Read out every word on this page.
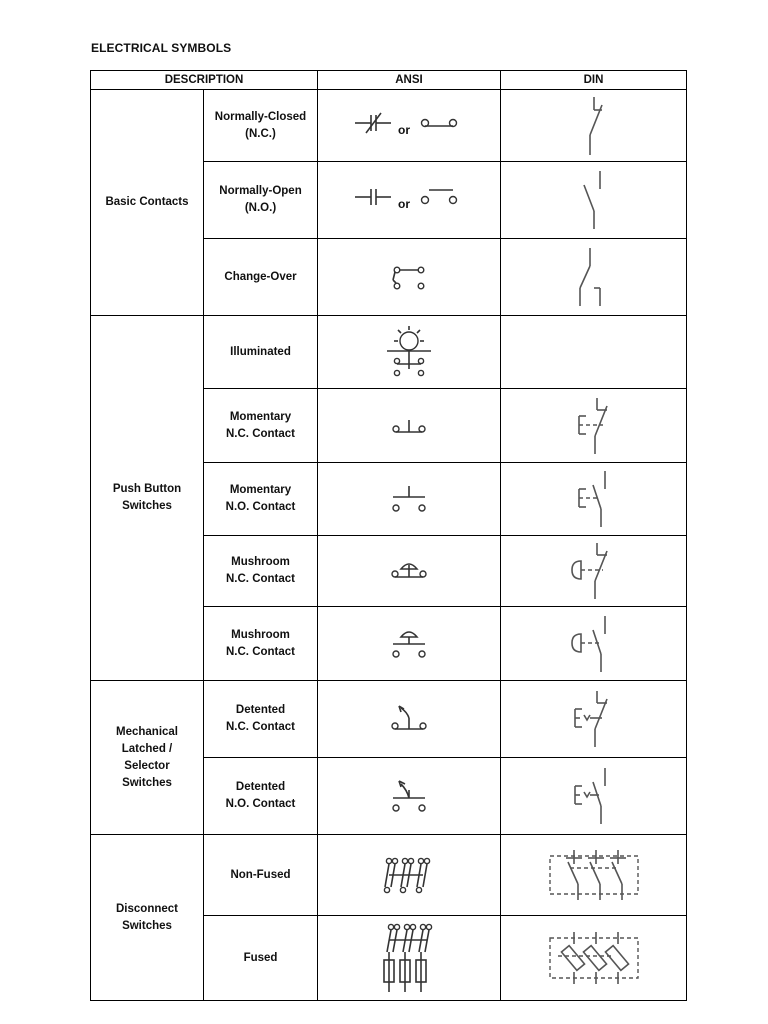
ELECTRICAL SYMBOLS
DESCRIPTION		ANSI	DIN

Basic Contacts	Normally-Closed
(N.C.)	or

	Normally-Open
(N.O.)	or

	Change-Over

Push Button
Switches	Illuminated

	Momentary
N.C. Contact

	Momentary
N.O. Contact

	Mushroom
N.C. Contact

	Mushroom
N.C. Contact

Mechanical
Latched /
Selector
Switches	Detented
N.C. Contact

	Detented
N.O. Contact

Disconnect
Switches	Non-Fused

	Fused
